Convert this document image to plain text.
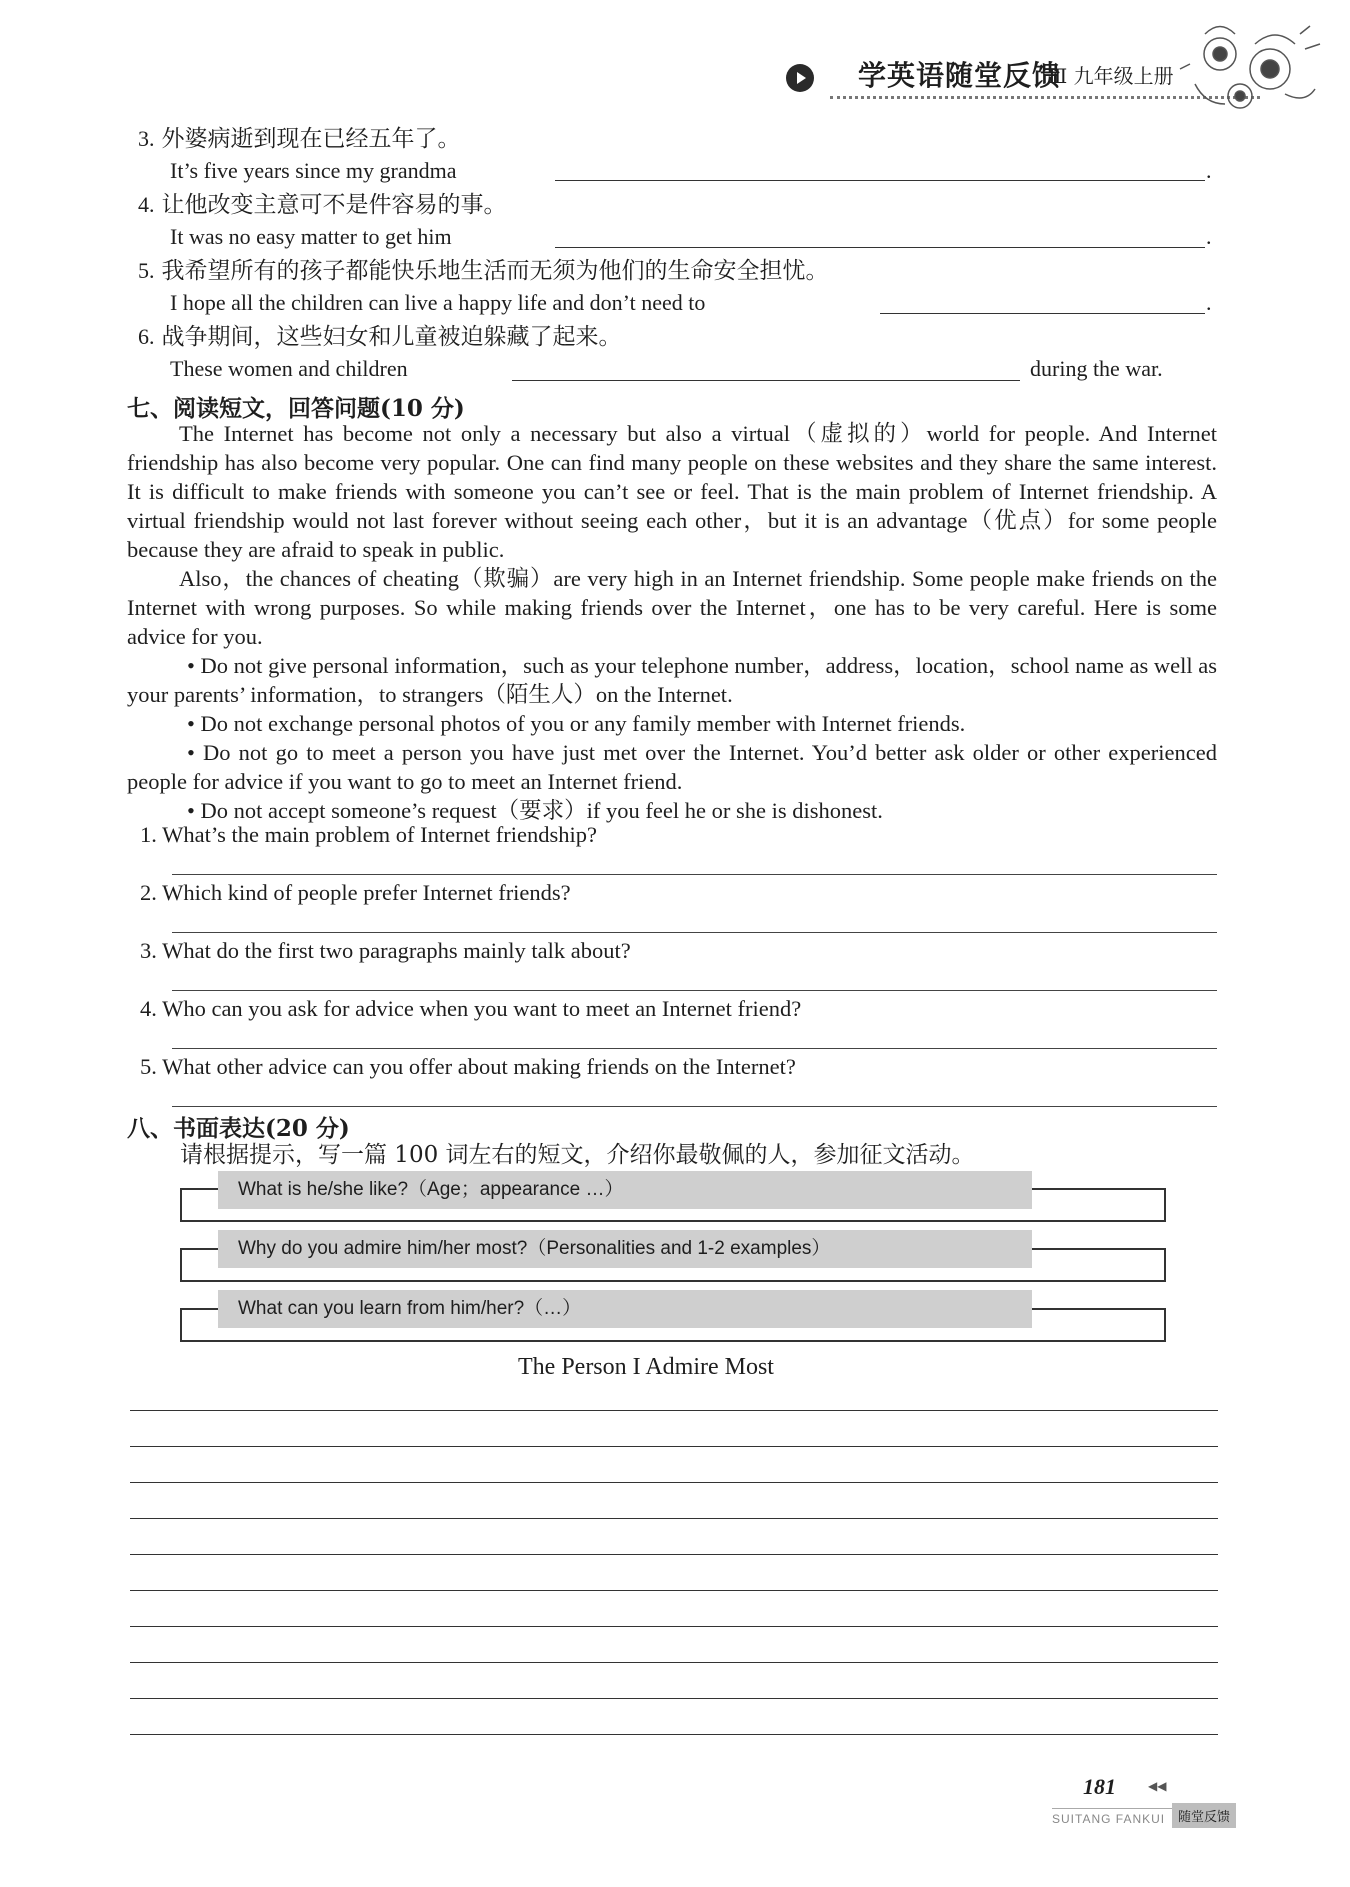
学英语随堂反馈
Ⅲ 九年级上册
3. 外婆病逝到现在已经五年了。
It’s five years since my grandma	.
4. 让他改变主意可不是件容易的事。
It was no easy matter to get him	.
5. 我希望所有的孩子都能快乐地生活而无须为他们的生命安全担忧。
I hope all the children can live a happy life and don’t need to	.
6. 战争期间，这些妇女和儿童被迫躲藏了起来。
These women and children	during the war.
七、阅读短文，回答问题(10 分)

The Internet has become not only a necessary but also a virtual（虚拟的）world for people. And Internet friendship has also become very popular. One can find many people on these websites and they share the same interest. It is difficult to make friends with someone you can’t see or feel. That is the main problem of Internet friendship. A virtual friendship would not last forever without seeing each other，but it is an advantage（优点）for some people because they are afraid to speak in public.

Also，the chances of cheating（欺骗）are very high in an Internet friendship. Some people make friends on the Internet with wrong purposes. So while making friends over the Internet，one has to be very careful. Here is some advice for you.

• Do not give personal information，such as your telephone number，address，location，school name as well as your parents’ information，to strangers（陌生人）on the Internet.

• Do not exchange personal photos of you or any family member with Internet friends.

• Do not go to meet a person you have just met over the Internet. You’d better ask older or other experienced people for advice if you want to go to meet an Internet friend.

• Do not accept someone’s request（要求）if you feel he or she is dishonest.

1. What’s the main problem of Internet friendship?
2. Which kind of people prefer Internet friends?
3. What do the first two paragraphs mainly talk about?
4. Who can you ask for advice when you want to meet an Internet friend?
5. What other advice can you offer about making friends on the Internet?
八、书面表达(20 分)
请根据提示，写一篇 100 词左右的短文，介绍你最敬佩的人，参加征文活动。
What is he/she like?（Age；appearance …）
Why do you admire him/her most?（Personalities and 1-2 examples）
What can you learn from him/her?（…）
The Person I Admire Most
181	◀◀
SUITANG FANKUI 随堂反馈
